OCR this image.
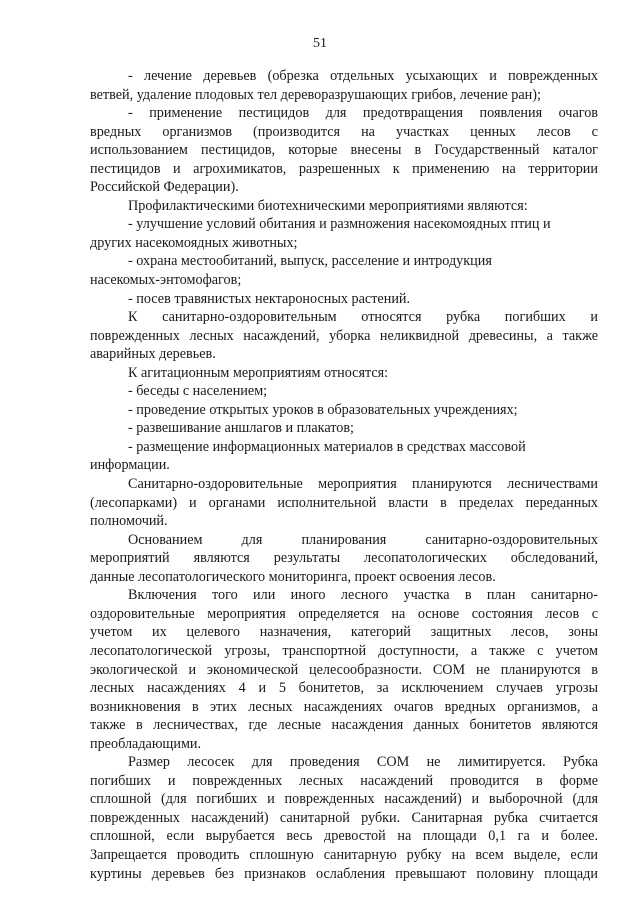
51

- лечение деревьев (обрезка отдельных усыхающих и поврежденных

ветвей, удаление плодовых тел дереворазрушающих грибов, лечение ран);

- применение пестицидов для предотвращения появления очагов

вредных организмов (производится на участках ценных лесов с

использованием пестицидов, которые внесены в Государственный каталог

пестицидов и агрохимикатов, разрешенных к применению на территории

Российской Федерации).

Профилактическими биотехническими мероприятиями являются:

- улучшение условий обитания и размножения насекомоядных птиц и

других насекомоядных животных;

- охрана местообитаний, выпуск, расселение и интродукция

насекомых-энтомофагов;

- посев травянистых нектароносных растений.

К санитарно-оздоровительным относятся рубка погибших и

поврежденных лесных насаждений, уборка неликвидной древесины, а также

аварийных деревьев.

К агитационным мероприятиям относятся:

- беседы с населением;

- проведение открытых уроков в образовательных учреждениях;

- развешивание аншлагов и плакатов;

- размещение информационных материалов в средствах массовой

информации.

Санитарно-оздоровительные мероприятия планируются лесничествами

(лесопарками) и органами исполнительной власти в пределах переданных

полномочий.

Основанием для планирования санитарно-оздоровительных

мероприятий являются результаты лесопатологических обследований,

данные лесопатологического мониторинга, проект освоения лесов.

Включения того или иного лесного участка в план санитарно-

оздоровительные мероприятия определяется на основе состояния лесов с

учетом их целевого назначения, категорий защитных лесов, зоны

лесопатологической угрозы, транспортной доступности, а также с учетом

экологической и экономической целесообразности. СОМ не планируются в

лесных насаждениях 4 и 5 бонитетов, за исключением случаев угрозы

возникновения в этих лесных насаждениях очагов вредных организмов, а

также в лесничествах, где лесные насаждения данных бонитетов являются

преобладающими.

Размер лесосек для проведения СОМ не лимитируется. Рубка

погибших и поврежденных лесных насаждений проводится в форме

сплошной (для погибших и поврежденных насаждений) и выборочной (для

поврежденных насаждений) санитарной рубки. Санитарная рубка считается

сплошной, если вырубается весь древостой на площади 0,1 га и более.

Запрещается проводить сплошную санитарную рубку на всем выделе, если

куртины деревьев без признаков ослабления превышают половину площади
